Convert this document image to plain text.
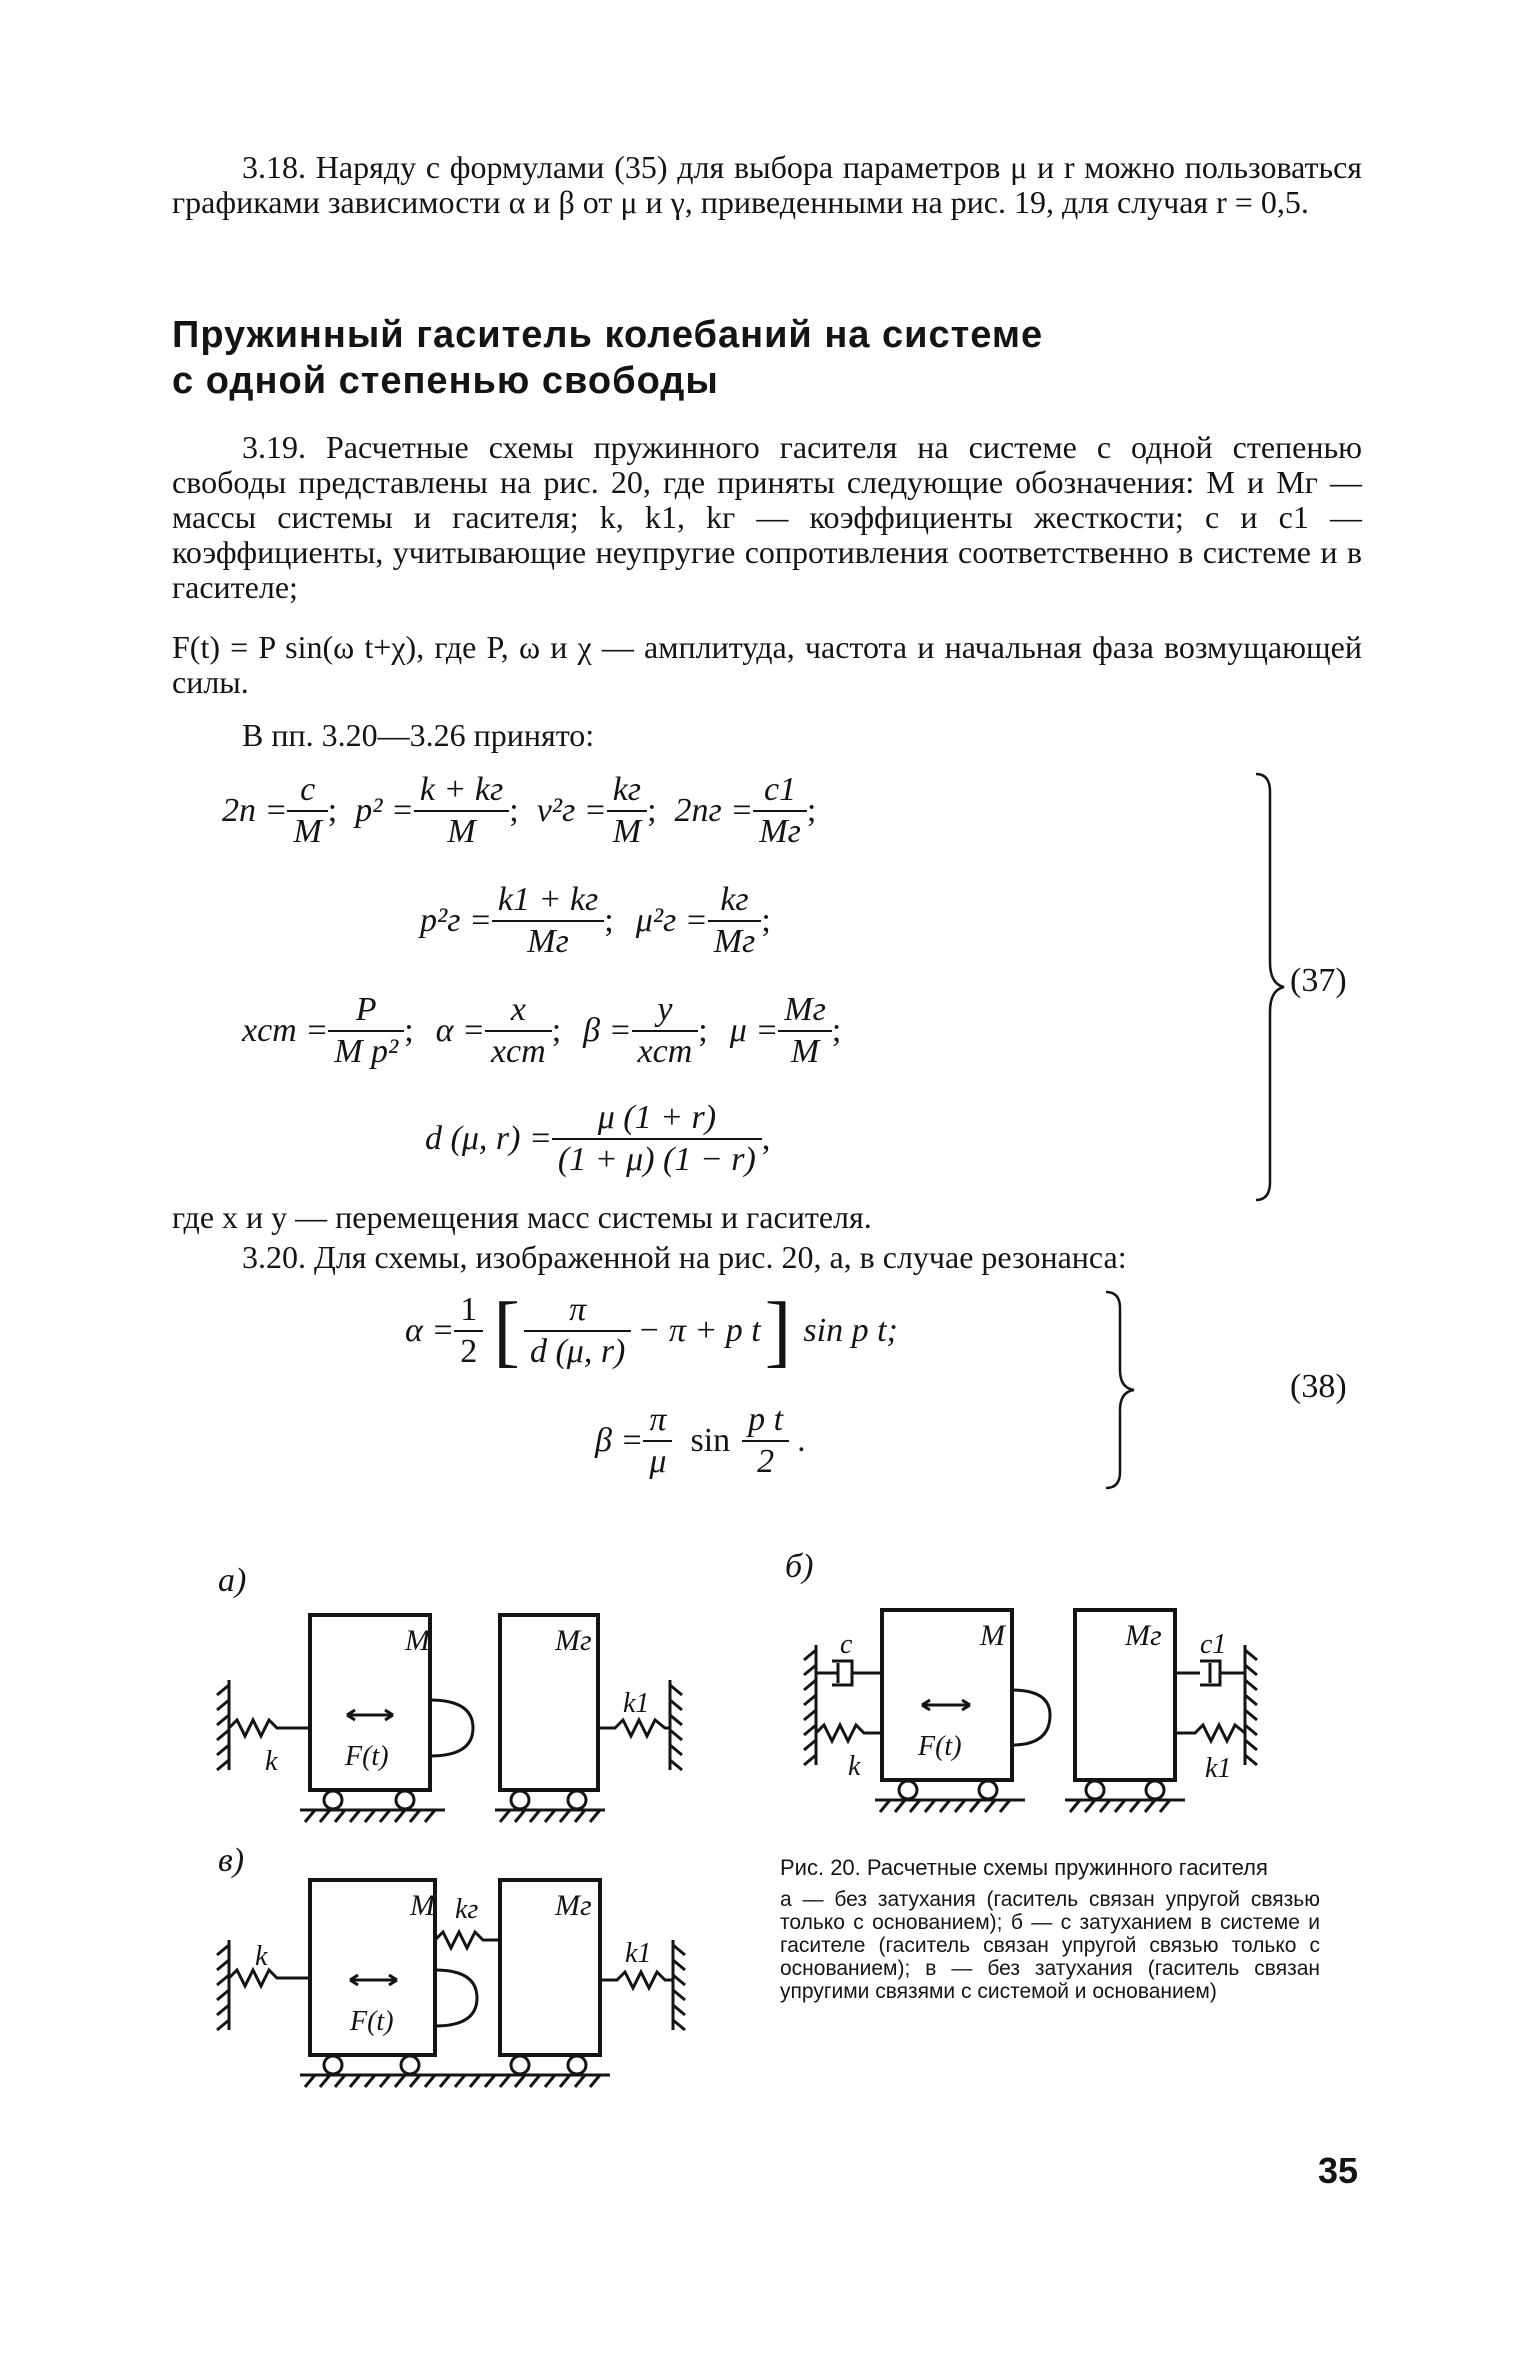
3.18. Наряду с формулами (35) для выбора параметров μ и r можно пользоваться графиками зависимости α и β от μ и γ, приведенными на рис. 19, для случая r = 0,5.
Пружинный гаситель колебаний на системе
с одной степенью свободы
3.19. Расчетные схемы пружинного гасителя на системе с одной степенью свободы представлены на рис. 20, где приняты следующие обозначения: M и Mг — массы системы и гасителя; k, k1, kг — коэффициенты жесткости; c и c1 — коэффициенты, учитывающие неупругие сопротивления соответственно в системе и в гасителе;
F(t) = P sin(ω t+χ), где P, ω и χ — амплитуда, частота и начальная фаза возмущающей силы.
В пп. 3.20—3.26 принято:
$2n = \frac{c}{M}$ ; $p^2 = \frac{k + kг}{M}$ ; $\nu^2г = \frac{kг}{M}$ ; $2nг = \frac{c1}{Mг}$ ;
$p^2г = \frac{k1 + kг}{Mг}$ ; $\mu^2г = \frac{kг}{Mг}$ ;
xст = $\frac{P}{\text{M p²}}$ ; $\alpha = \frac{x}{\text{xст}}$ ; $\beta = \frac{y}{\text{xст}}$ ; $\mu = \frac{Mг}{M}$ ;
d (μ, $r) = \frac{\mu (1 + r)}{(1 + \mu) (1 - r)}$ ,
(37)
где x и y — перемещения масс системы и гасителя.
3.20. Для схемы, изображенной на рис. 20, а, в случае резонанса:
$\alpha = \frac{1}{2}$ [ $\frac{\pi}{d (\mu, r)} - \pi + p$ t ] sin p t;
$\beta = \frac{\pi}{\mu}$ $\sin \frac{\text{p t}}{2}$ .
(38)
а)	б)
в)
M	Mг
F(t)
k
k1
M	Mг
F(t)
c
k
c1
k1
M	Mг
F(t)
k
kг
k1
Рис. 20. Расчетные схемы пружинного гасителя
а — без затухания (гаситель связан упругой связью только с основанием); б — с затуханием в системе и гасителе (гаситель связан упругой связью только с основанием); в — без затухания (гаситель связан упругими связями с системой и основанием)
35
